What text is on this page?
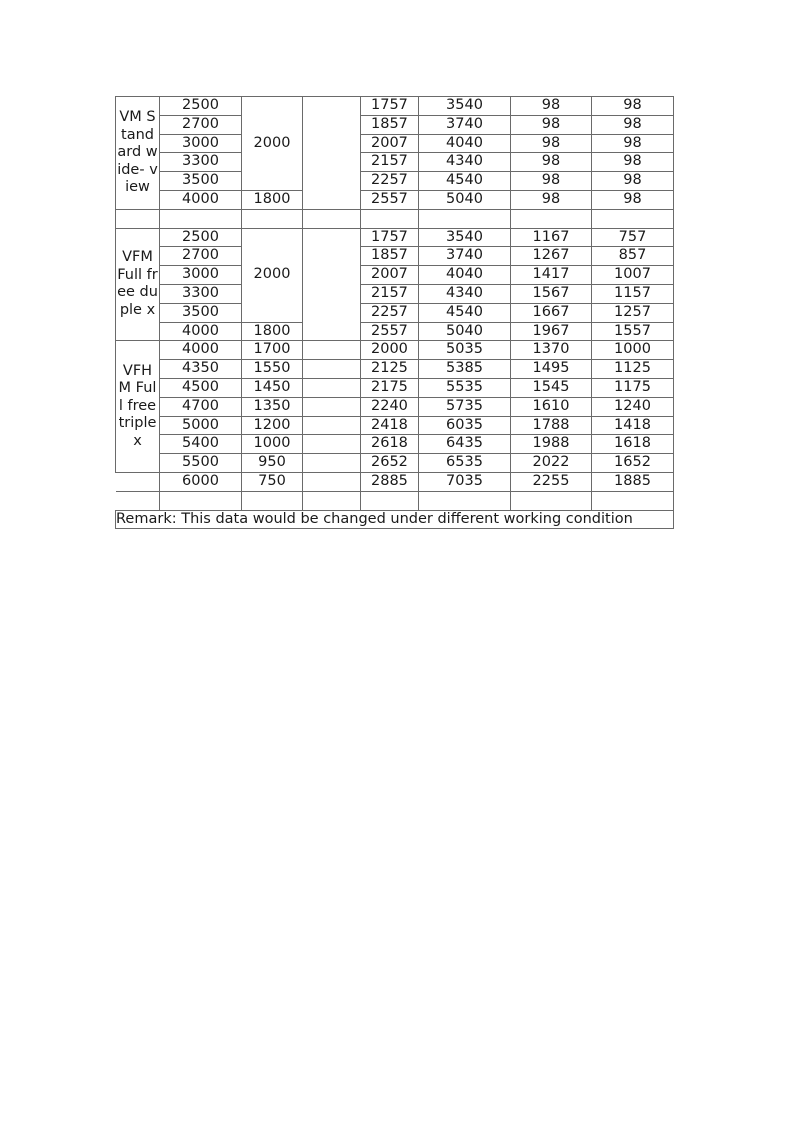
VM Stand ard wide- view	2500	2000		1757	3540	98	98
	2700			1857	3740	98	98
	3000			2007	4040	98	98
	3300			2157	4340	98	98
	3500			2257	4540	98	98
	4000	1800		2557	5040	98	98

VFM Full free duple x	2500	2000		1757	3540	1167	757
	2700			1857	3740	1267	857
	3000			2007	4040	1417	1007
	3300			2157	4340	1567	1157
	3500			2257	4540	1667	1257
	4000	1800		2557	5040	1967	1557
VFHM Full free triple x	4000	1700		2000	5035	1370	1000
	4350	1550		2125	5385	1495	1125
	4500	1450		2175	5535	1545	1175
	4700	1350		2240	5735	1610	1240
	5000	1200		2418	6035	1788	1418
	5400	1000		2618	6435	1988	1618
	5500	950		2652	6535	2022	1652
	6000	750		2885	7035	2255	1885

Remark: This data would be changed under different working condition							
